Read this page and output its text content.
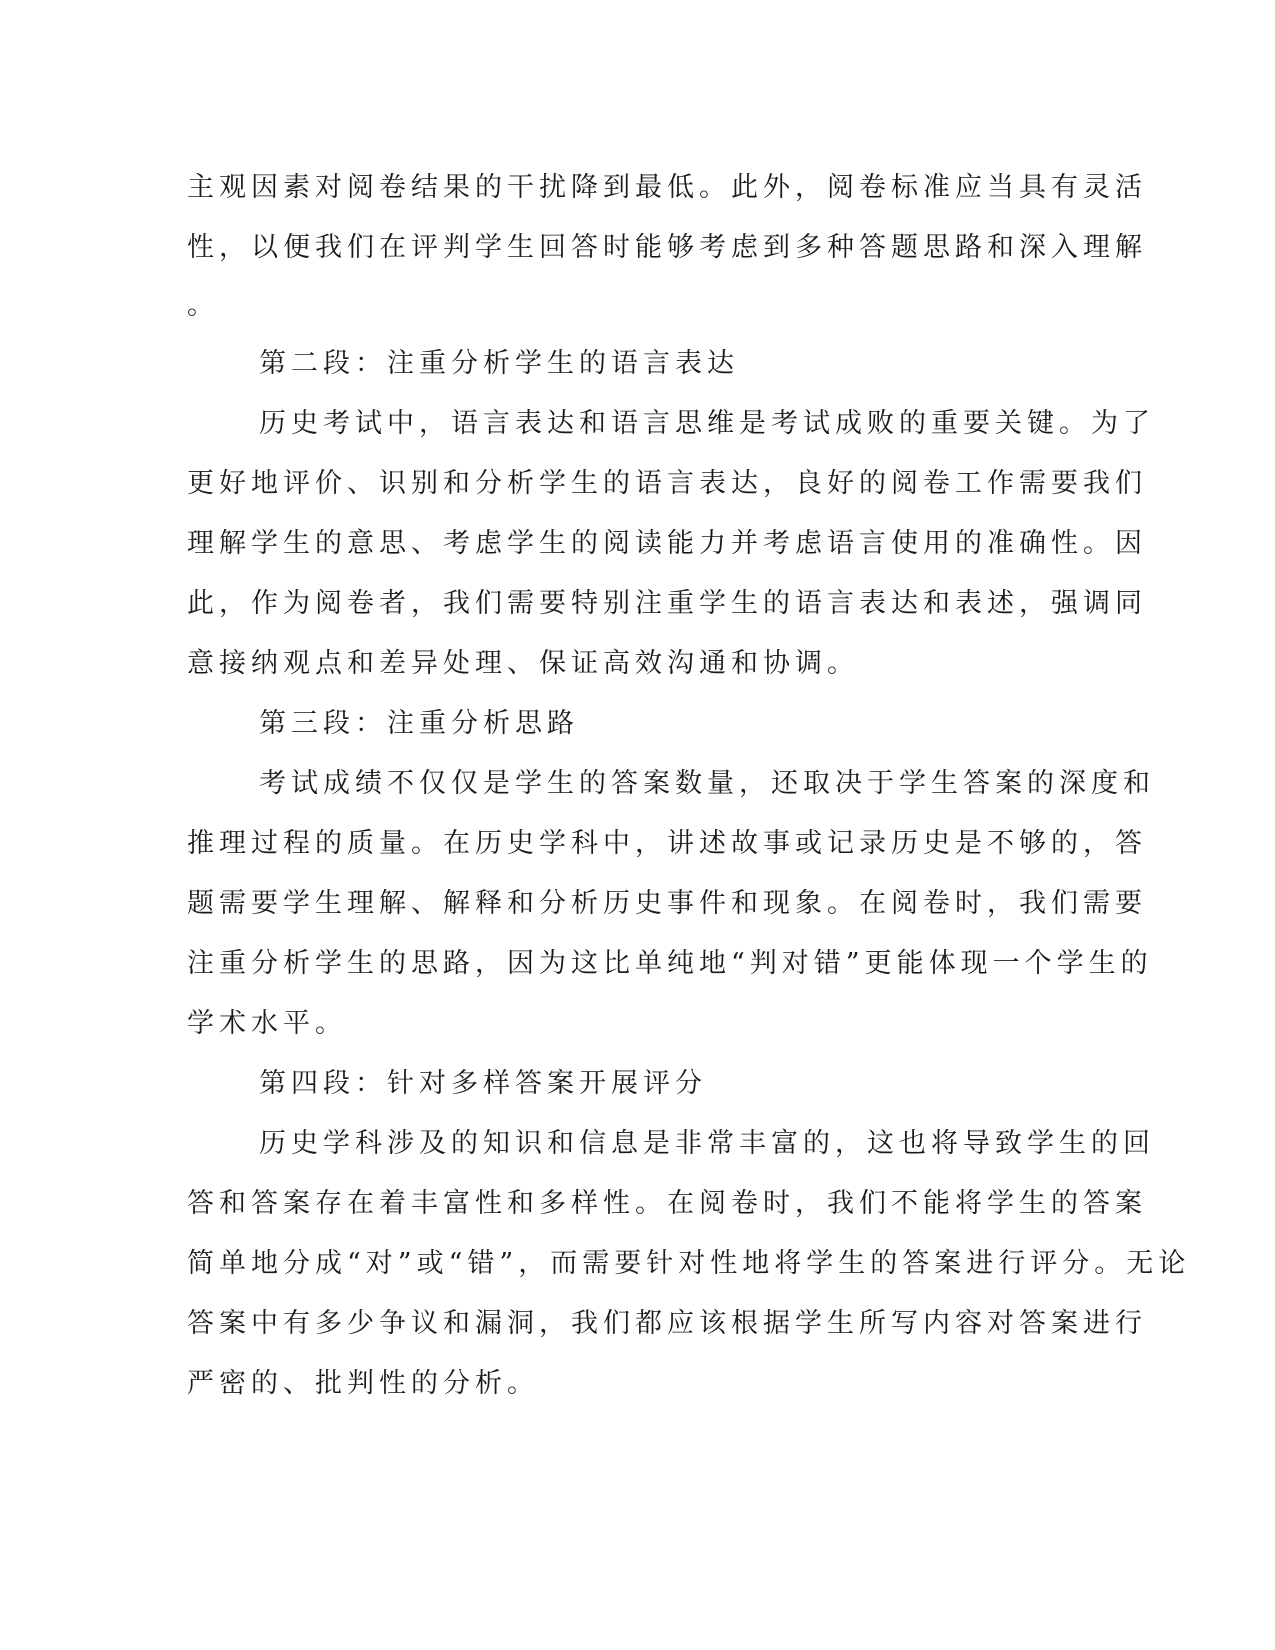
主观因素对阅卷结果的干扰降到最低。此外，阅卷标准应当具有灵活
性，以便我们在评判学生回答时能够考虑到多种答题思路和深入理解
。
第二段：注重分析学生的语言表达
历史考试中，语言表达和语言思维是考试成败的重要关键。为了
更好地评价、识别和分析学生的语言表达，良好的阅卷工作需要我们
理解学生的意思、考虑学生的阅读能力并考虑语言使用的准确性。因
此，作为阅卷者，我们需要特别注重学生的语言表达和表述，强调同
意接纳观点和差异处理、保证高效沟通和协调。
第三段：注重分析思路
考试成绩不仅仅是学生的答案数量，还取决于学生答案的深度和
推理过程的质量。在历史学科中，讲述故事或记录历史是不够的，答
题需要学生理解、解释和分析历史事件和现象。在阅卷时，我们需要
注重分析学生的思路，因为这比单纯地“判对错”更能体现一个学生的
学术水平。
第四段：针对多样答案开展评分
历史学科涉及的知识和信息是非常丰富的，这也将导致学生的回
答和答案存在着丰富性和多样性。在阅卷时，我们不能将学生的答案
简单地分成“对”或“错”，而需要针对性地将学生的答案进行评分。无论
答案中有多少争议和漏洞，我们都应该根据学生所写内容对答案进行
严密的、批判性的分析。
